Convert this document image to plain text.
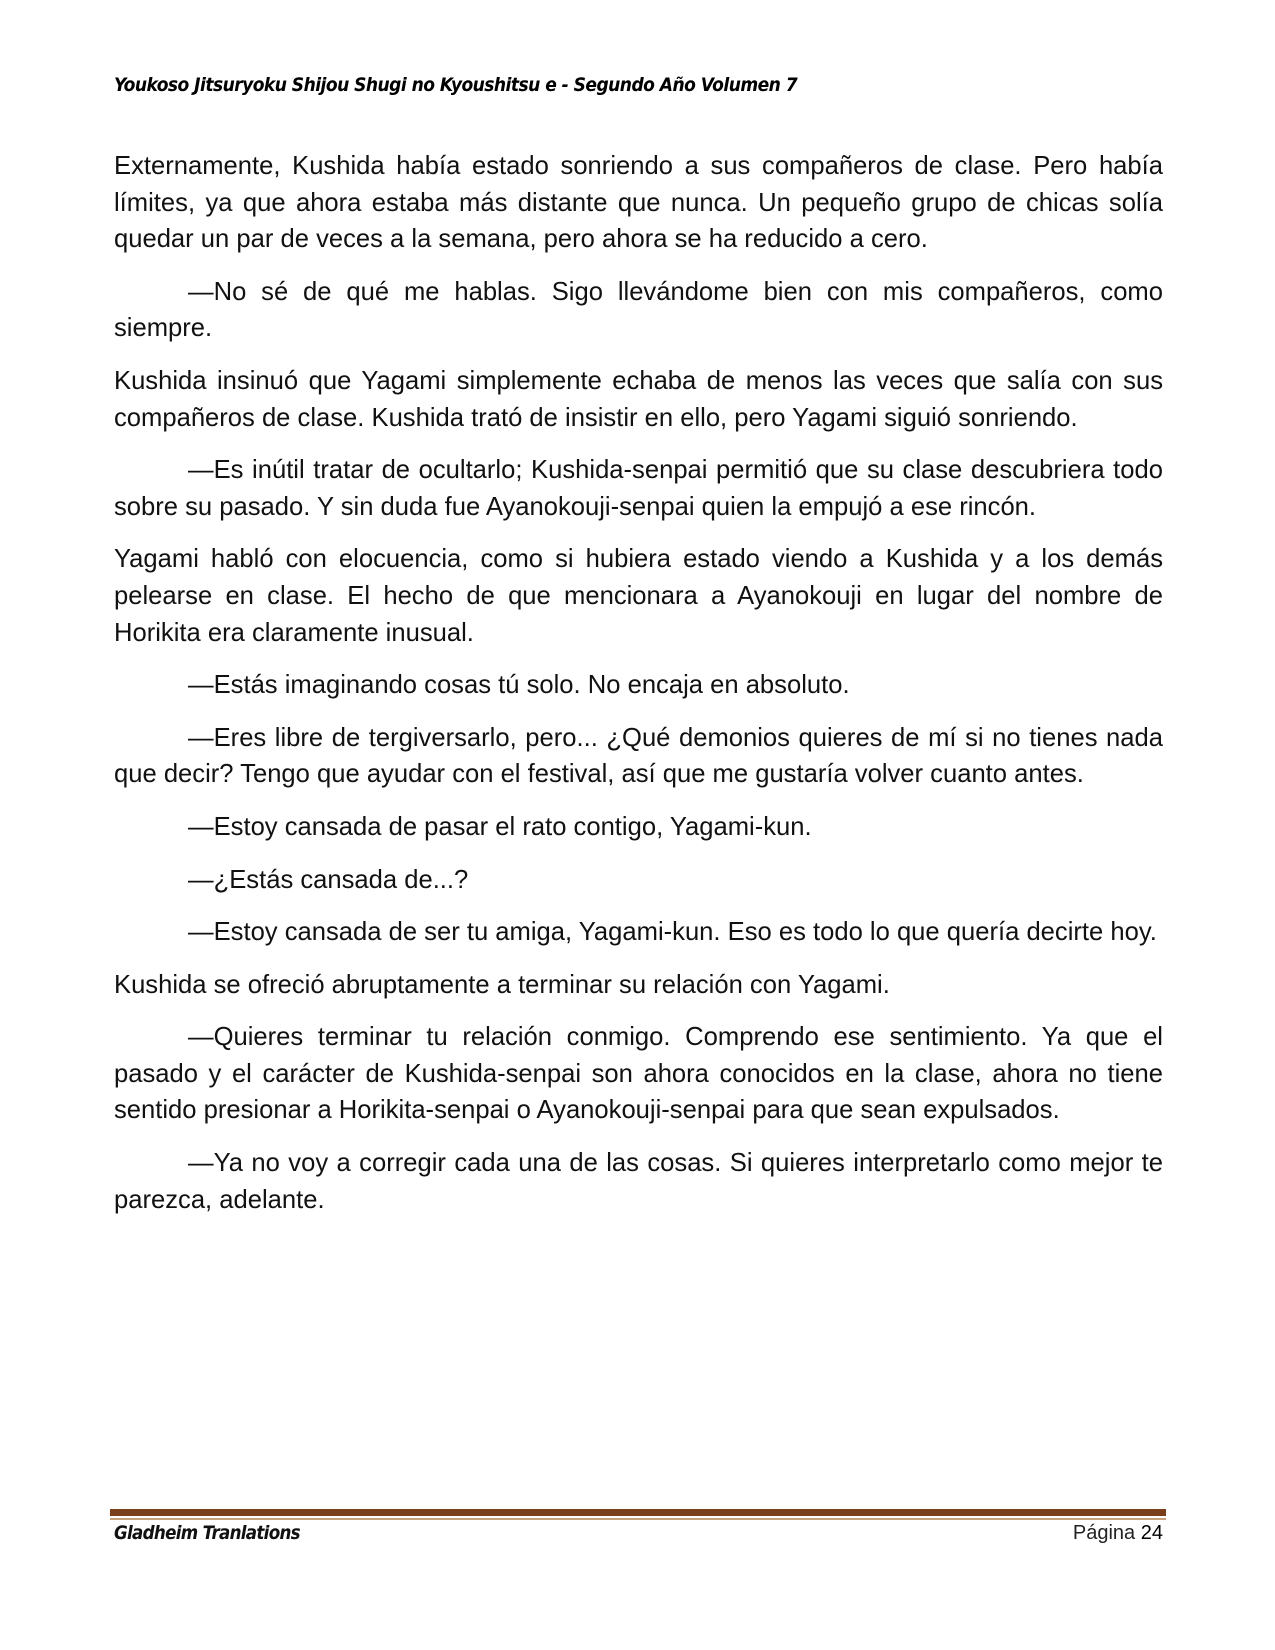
Youkoso Jitsuryoku Shijou Shugi no Kyoushitsu e - Segundo Año Volumen 7

Externamente, Kushida había estado sonriendo a sus compañeros de clase. Pero había límites, ya que ahora estaba más distante que nunca. Un pequeño grupo de chicas solía quedar un par de veces a la semana, pero ahora se ha reducido a cero.

—No sé de qué me hablas. Sigo llevándome bien con mis compañeros, como siempre.

Kushida insinuó que Yagami simplemente echaba de menos las veces que salía con sus compañeros de clase. Kushida trató de insistir en ello, pero Yagami siguió sonriendo.

—Es inútil tratar de ocultarlo; Kushida-senpai permitió que su clase descubriera todo sobre su pasado. Y sin duda fue Ayanokouji-senpai quien la empujó a ese rincón.

Yagami habló con elocuencia, como si hubiera estado viendo a Kushida y a los demás pelearse en clase. El hecho de que mencionara a Ayanokouji en lugar del nombre de Horikita era claramente inusual.

—Estás imaginando cosas tú solo. No encaja en absoluto.

—Eres libre de tergiversarlo, pero... ¿Qué demonios quieres de mí si no tienes nada que decir? Tengo que ayudar con el festival, así que me gustaría volver cuanto antes.

—Estoy cansada de pasar el rato contigo, Yagami-kun.

—¿Estás cansada de...?

—Estoy cansada de ser tu amiga, Yagami-kun. Eso es todo lo que quería decirte hoy.

Kushida se ofreció abruptamente a terminar su relación con Yagami.

—Quieres terminar tu relación conmigo. Comprendo ese sentimiento. Ya que el pasado y el carácter de Kushida-senpai son ahora conocidos en la clase, ahora no tiene sentido presionar a Horikita-senpai o Ayanokouji-senpai para que sean expulsados.

—Ya no voy a corregir cada una de las cosas. Si quieres interpretarlo como mejor te parezca, adelante.

Gladheim Tranlations	Página 24
